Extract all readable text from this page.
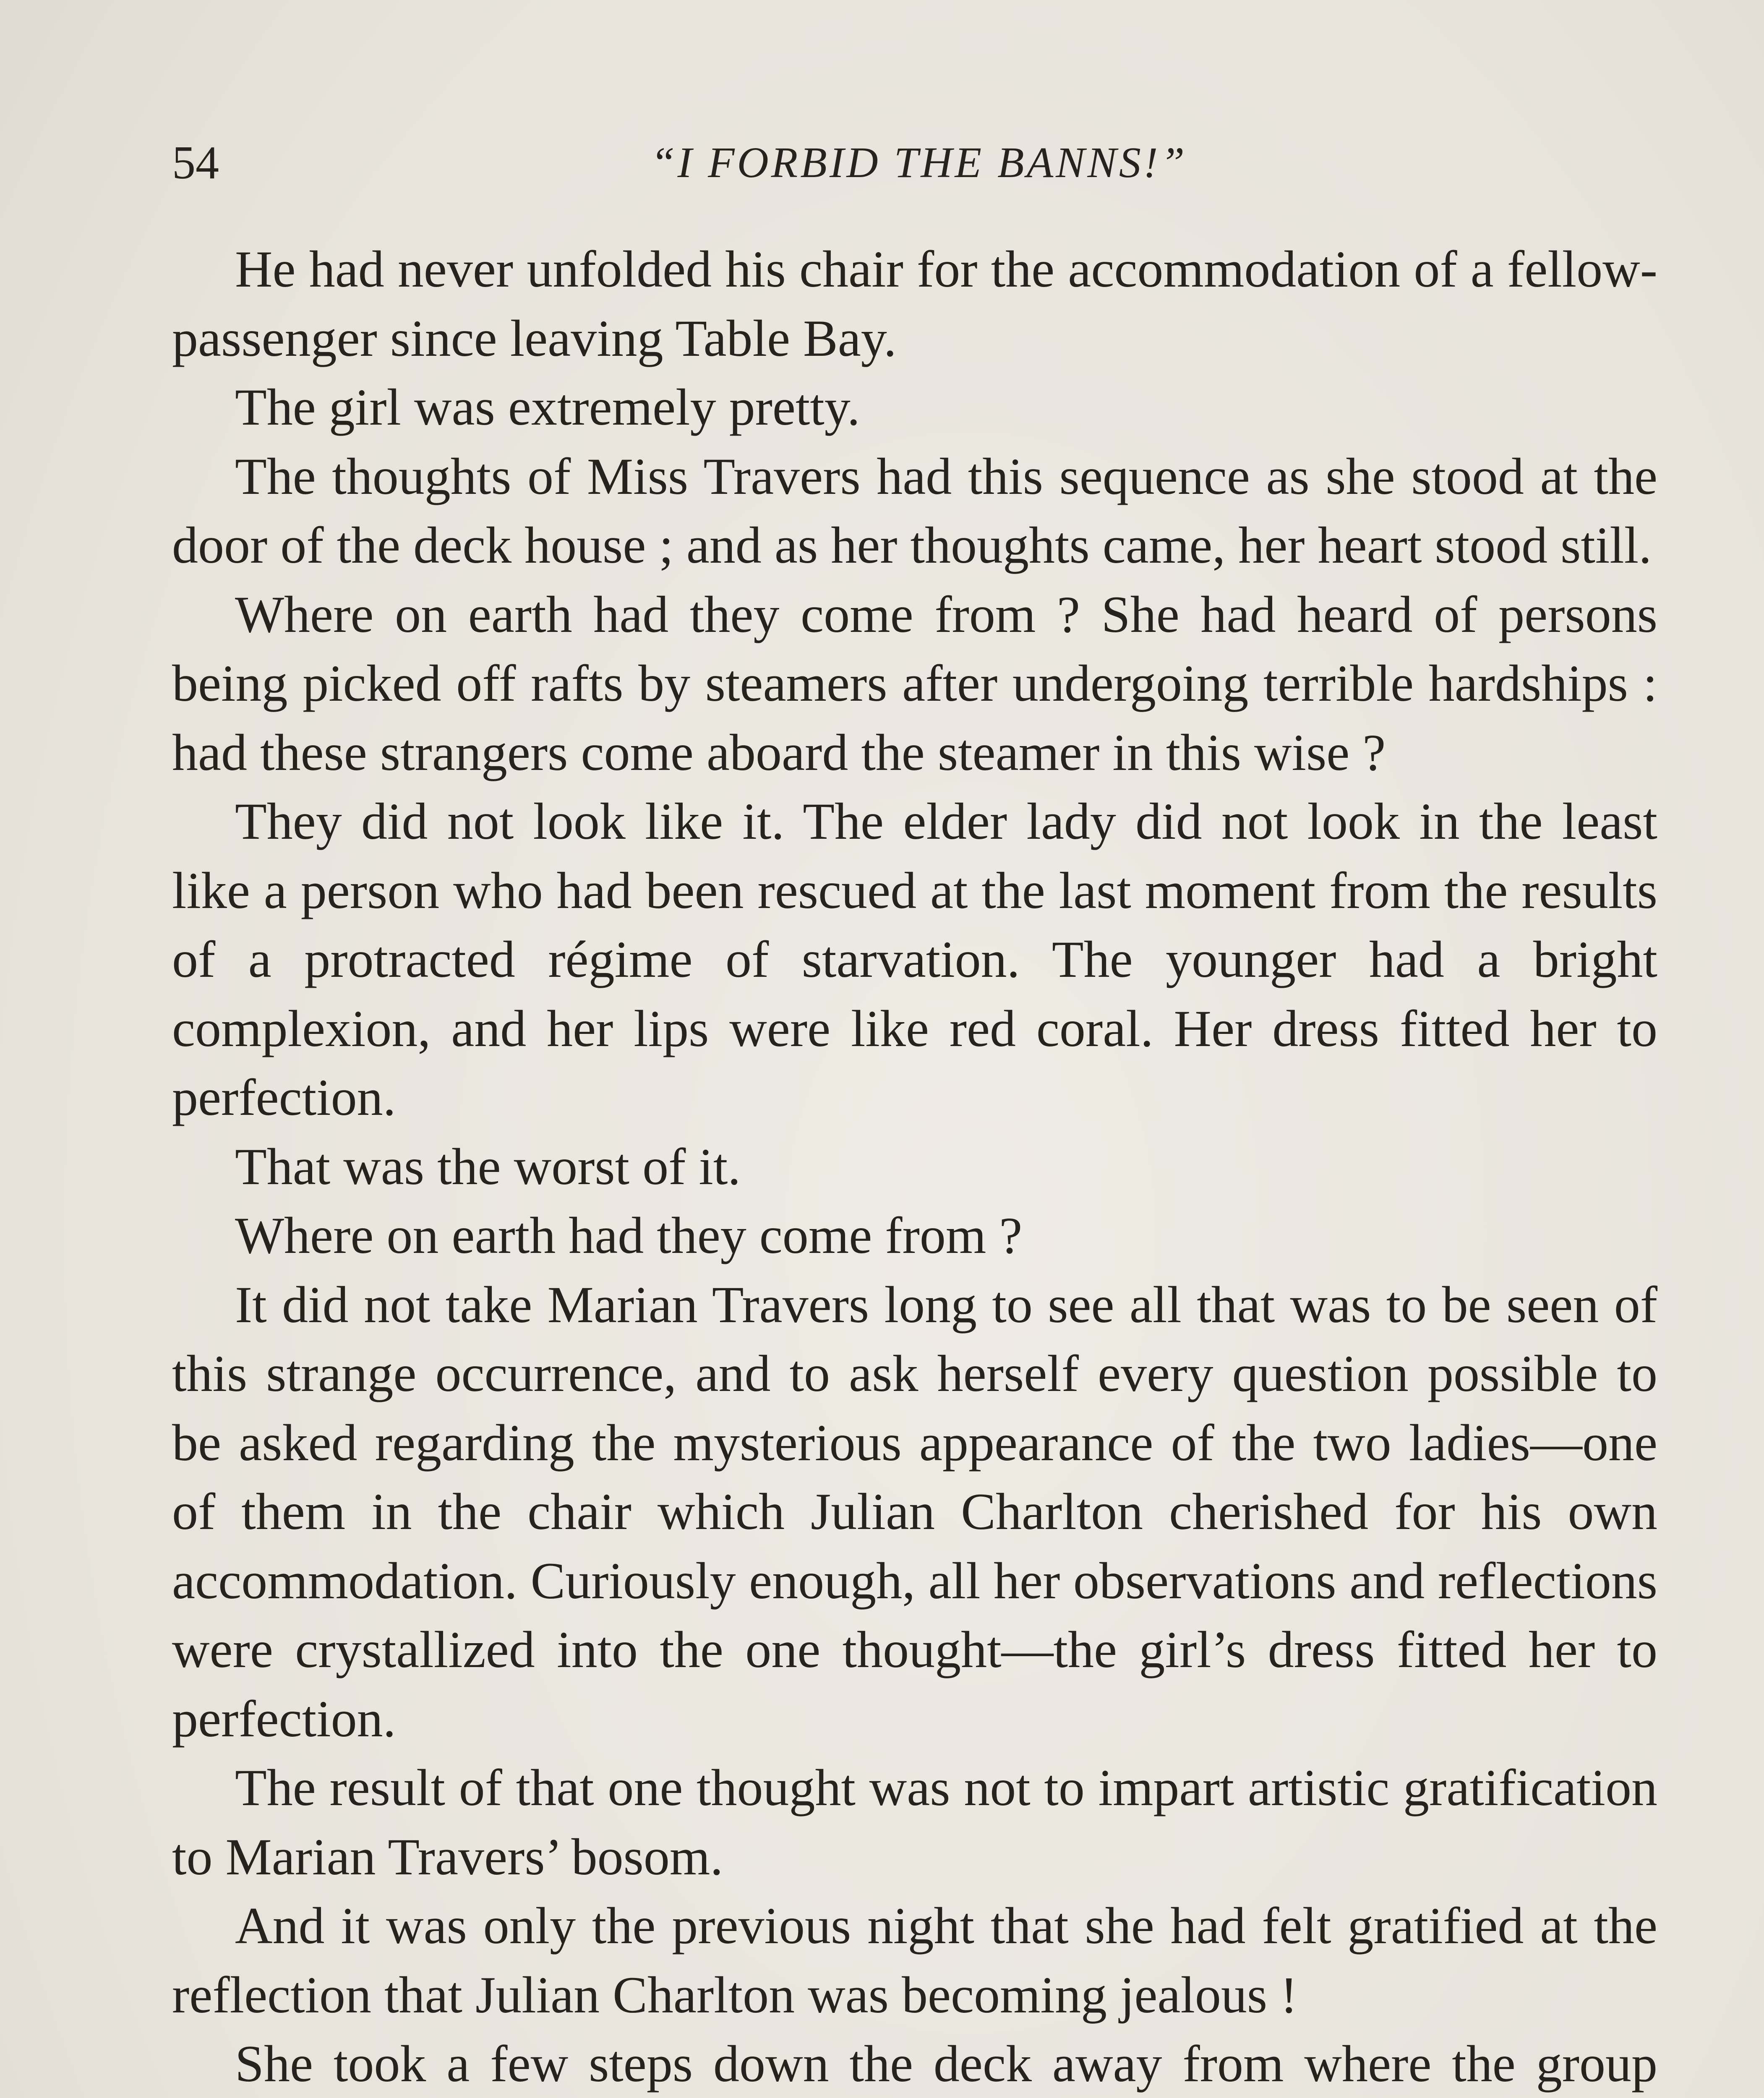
54	“I FORBID THE BANNS!”

He had never unfolded his chair for the accommodation of a fellow-passenger since leaving Table Bay.

The girl was extremely pretty.

The thoughts of Miss Travers had this sequence as she stood at the door of the deck house ; and as her thoughts came, her heart stood still.

Where on earth had they come from ? She had heard of persons being picked off rafts by steamers after undergoing terrible hardships : had these strangers come aboard the steamer in this wise ?

They did not look like it. The elder lady did not look in the least like a person who had been rescued at the last moment from the results of a protracted régime of starvation. The younger had a bright complexion, and her lips were like red coral. Her dress fitted her to perfection.

That was the worst of it.

Where on earth had they come from ?

It did not take Marian Travers long to see all that was to be seen of this strange occurrence, and to ask herself every question possible to be asked regarding the mysterious appearance of the two ladies—one of them in the chair which Julian Charlton cherished for his own accommodation. Curiously enough, all her observations and reflections were crystallized into the one thought—the girl’s dress fitted her to perfection.

The result of that one thought was not to impart artistic gratification to Marian Travers’ bosom.

And it was only the previous night that she had felt gratified at the reflection that Julian Charlton was becoming jealous !

She took a few steps down the deck away from where the group
